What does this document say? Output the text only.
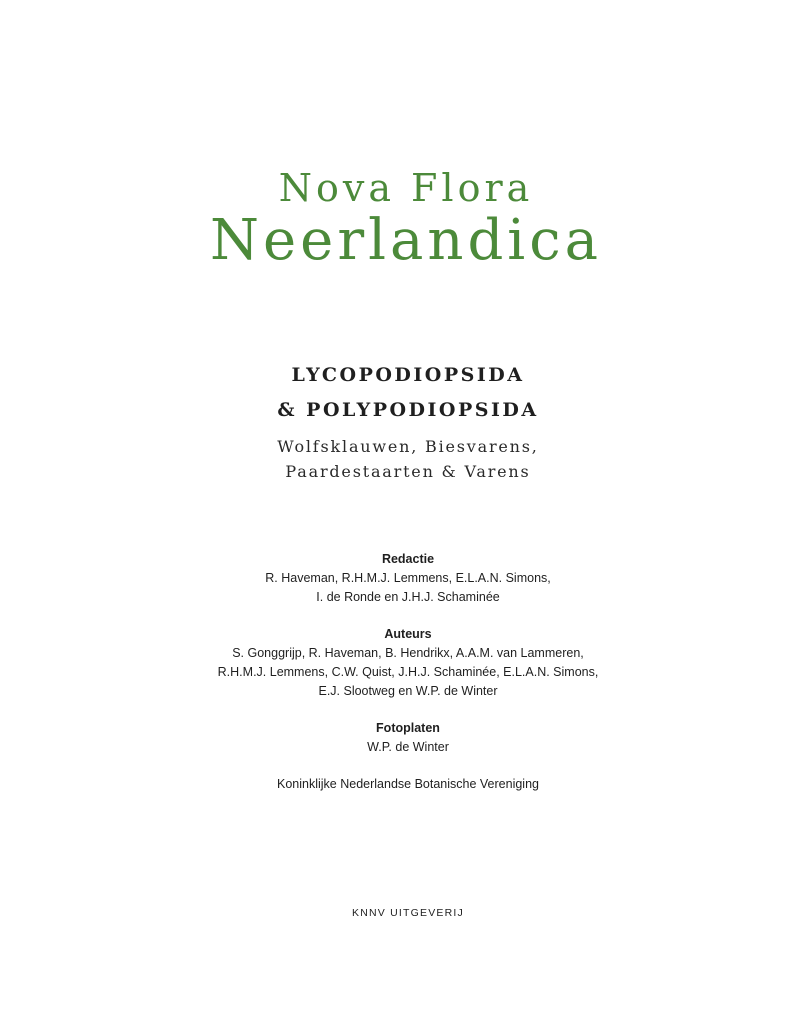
Nova Flora
Neerlandica
LYCOPODIOPSIDA
& POLYPODIOPSIDA
Wolfsklauwen, Biesvarens,
Paardestaarten & Varens
Redactie
R. Haveman, R.H.M.J. Lemmens, E.L.A.N. Simons,
I. de Ronde en J.H.J. Schaminée
Auteurs
S. Gonggrijp, R. Haveman, B. Hendrikx, A.A.M. van Lammeren,
R.H.M.J. Lemmens, C.W. Quist, J.H.J. Schaminée, E.L.A.N. Simons,
E.J. Slootweg en W.P. de Winter
Fotoplaten
W.P. de Winter
Koninklijke Nederlandse Botanische Vereniging
KNNV UITGEVERIJ
